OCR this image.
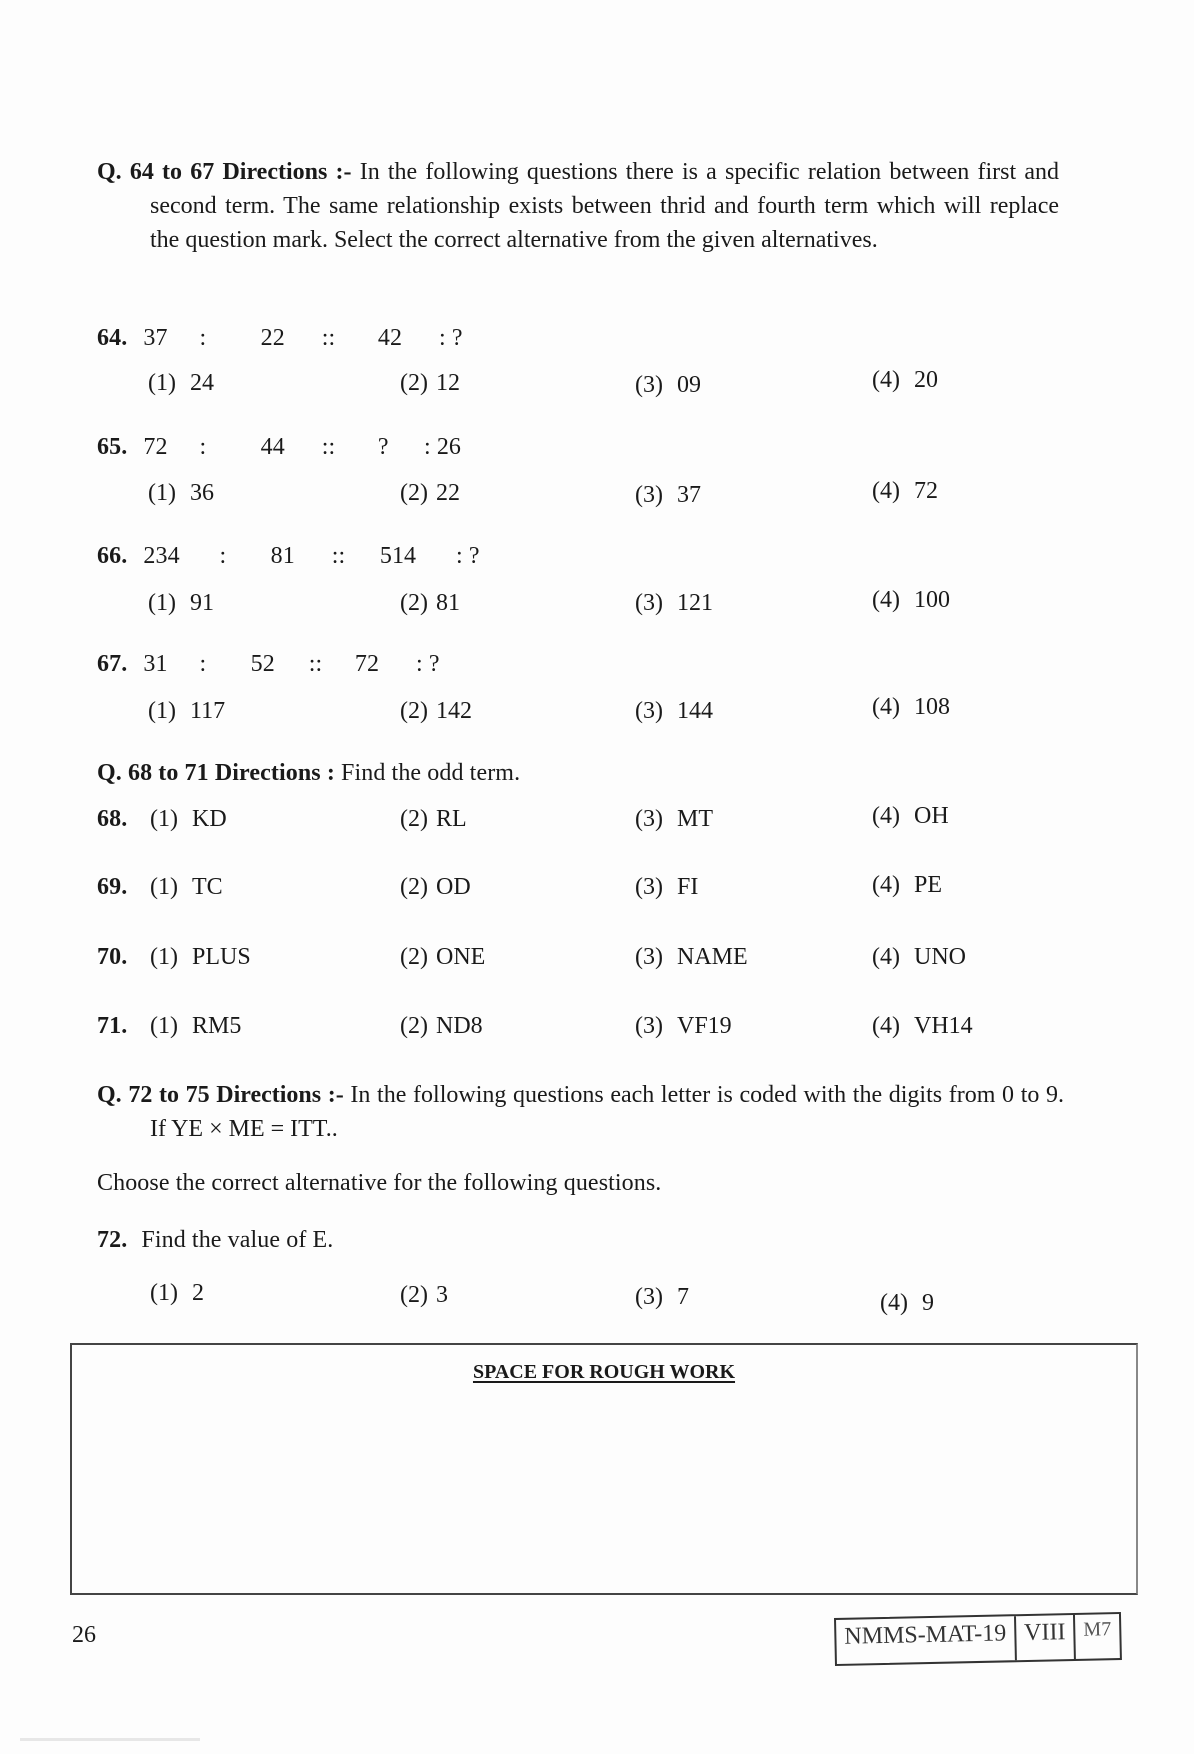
Q. 64 to 67 Directions :- In the following questions there is a specific relation between first and second term. The same relationship exists between thrid and fourth term which will replace the question mark. Select the correct alternative from the given alternatives.
64. 37 : 22 :: 42 : ?
(1) 24	(2) 12	(3) 09	(4) 20
65. 72 : 44 :: ? : 26
(1) 36	(2) 22	(3) 37	(4) 72
66. 234 : 81 :: 514 : ?
(1) 91	(2) 81	(3) 121	(4) 100
67. 31 : 52 :: 72 : ?
(1) 117	(2) 142	(3) 144	(4) 108
Q. 68 to 71 Directions : Find the odd term.
68. (1) KD	(2) RL	(3) MT	(4) OH
69. (1) TC	(2) OD	(3) FI	(4) PE
70. (1) PLUS	(2) ONE	(3) NAME	(4) UNO
71. (1) RM5	(2) ND8	(3) VF19	(4) VH14
Q. 72 to 75 Directions :- In the following questions each letter is coded with the digits from 0 to 9. If YE × ME = ITT..
Choose the correct alternative for the following questions.
72. Find the value of E.
(1) 2	(2) 3	(3) 7	(4) 9
SPACE FOR ROUGH WORK
26	NMMS-MAT-19 VIII M7
